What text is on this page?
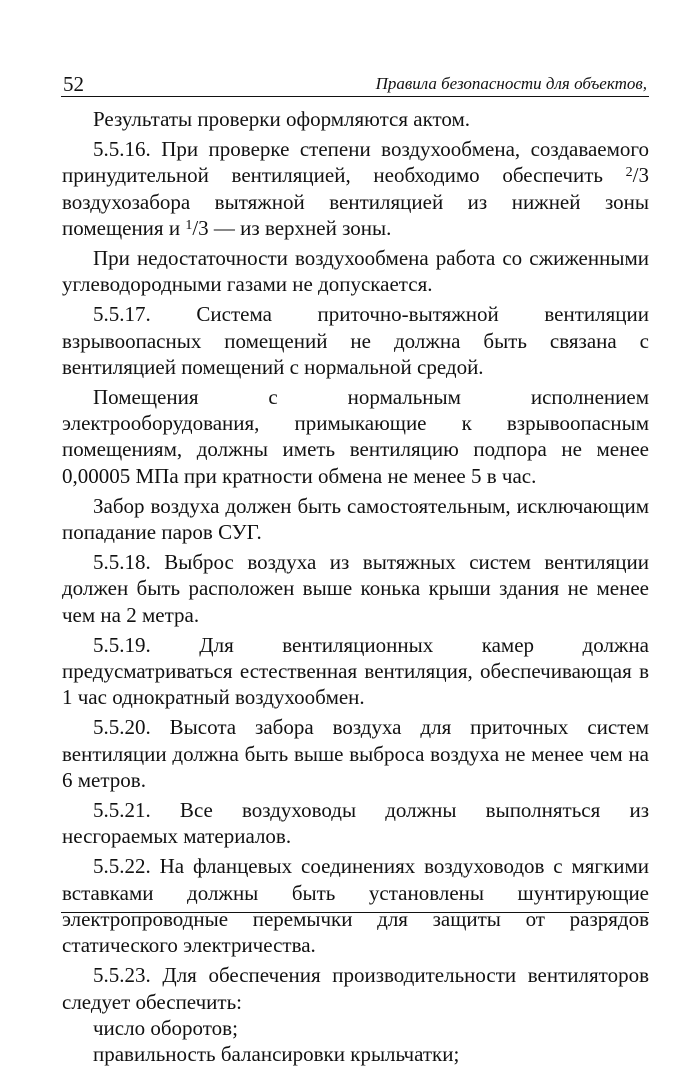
52	Правила безопасности для объектов,

Результаты проверки оформляются актом.

5.5.16. При проверке степени воздухообмена, создаваемого принудительной вентиляцией, необходимо обеспечить $^2$/3 воздухозабора вытяжной вентиляцией из нижней зоны помещения и $^1$/3 — из верхней зоны.

При недостаточности воздухообмена работа со сжиженными углеводородными газами не допускается.

5.5.17. Система приточно-вытяжной вентиляции взрывоопасных помещений не должна быть связана с вентиляцией помещений с нормальной средой.

Помещения с нормальным исполнением электрооборудования, примыкающие к взрывоопасным помещениям, должны иметь вентиляцию подпора не менее 0,00005 МПа при кратности обмена не менее 5 в час.

Забор воздуха должен быть самостоятельным, исключающим попадание паров СУГ.

5.5.18. Выброс воздуха из вытяжных систем вентиляции должен быть расположен выше конька крыши здания не менее чем на 2 метра.

5.5.19. Для вентиляционных камер должна предусматриваться естественная вентиляция, обеспечивающая в 1 час однократный воздухообмен.

5.5.20. Высота забора воздуха для приточных систем вентиляции должна быть выше выброса воздуха не менее чем на 6 метров.

5.5.21. Все воздуховоды должны выполняться из несгораемых материалов.

5.5.22. На фланцевых соединениях воздуховодов с мягкими вставками должны быть установлены шунтирующие электропроводные перемычки для защиты от разрядов статического электричества.

5.5.23. Для обеспечения производительности вентиляторов следует обеспечить:

число оборотов;

правильность балансировки крыльчатки;
